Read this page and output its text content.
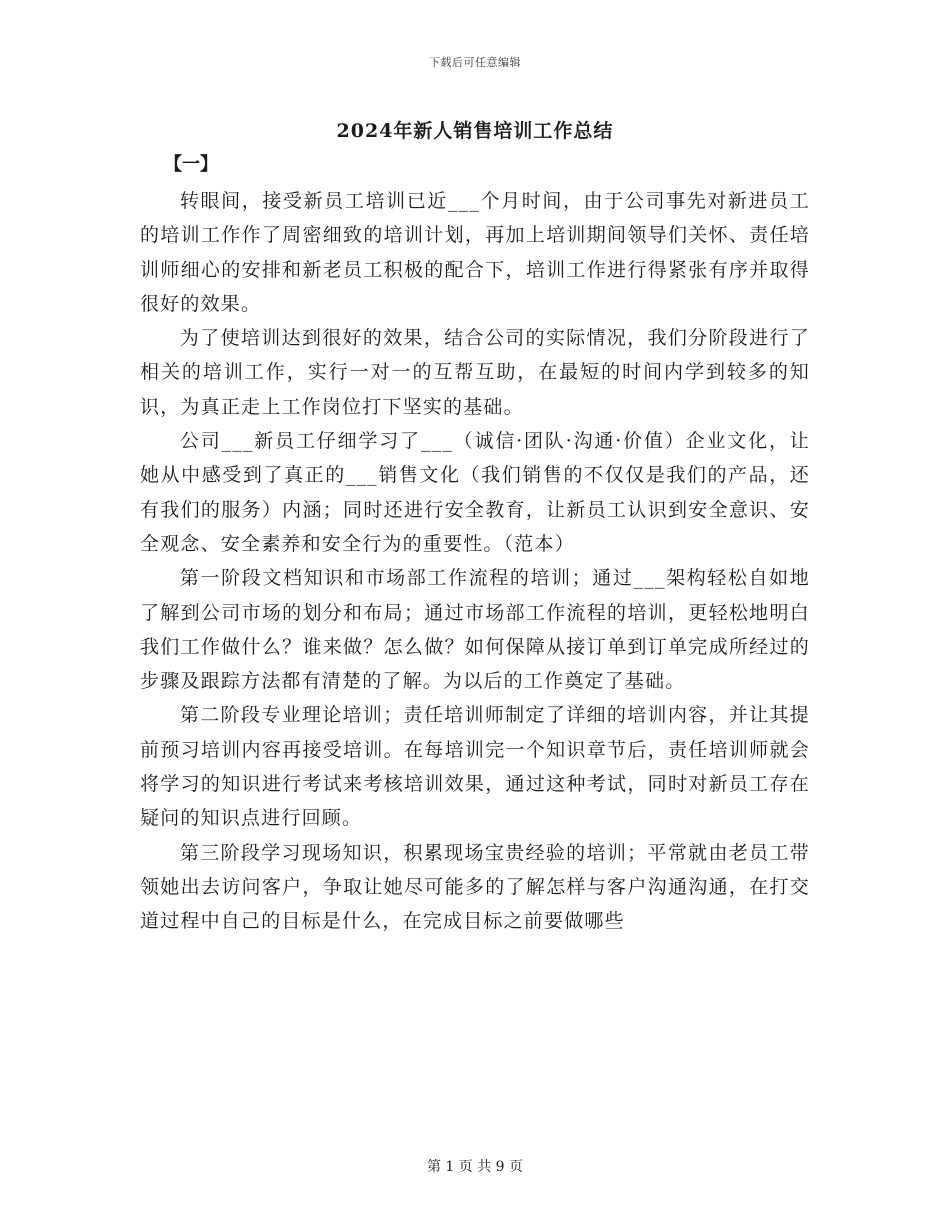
下载后可任意编辑
2024年新人销售培训工作总结
【一】

转眼间，接受新员工培训已近___个月时间，由于公司事先对新进员工的培训工作作了周密细致的培训计划，再加上培训期间领导们关怀、责任培训师细心的安排和新老员工积极的配合下，培训工作进行得紧张有序并取得很好的效果。

为了使培训达到很好的效果，结合公司的实际情况，我们分阶段进行了相关的培训工作，实行一对一的互帮互助，在最短的时间内学到较多的知识，为真正走上工作岗位打下坚实的基础。

公司___新员工仔细学习了___（诚信·团队·沟通·价值）企业文化，让她从中感受到了真正的___销售文化（我们销售的不仅仅是我们的产品，还有我们的服务）内涵；同时还进行安全教育，让新员工认识到安全意识、安全观念、安全素养和安全行为的重要性。（范本）

第一阶段文档知识和市场部工作流程的培训；通过___架构轻松自如地了解到公司市场的划分和布局；通过市场部工作流程的培训，更轻松地明白我们工作做什么？谁来做？怎么做？如何保障从接订单到订单完成所经过的步骤及跟踪方法都有清楚的了解。为以后的工作奠定了基础。

第二阶段专业理论培训；责任培训师制定了详细的培训内容，并让其提前预习培训内容再接受培训。在每培训完一个知识章节后，责任培训师就会将学习的知识进行考试来考核培训效果，通过这种考试，同时对新员工存在疑问的知识点进行回顾。

第三阶段学习现场知识，积累现场宝贵经验的培训；平常就由老员工带领她出去访问客户，争取让她尽可能多的了解怎样与客户沟通沟通，在打交道过程中自己的目标是什么，在完成目标之前要做哪些

第 1 页 共 9 页
